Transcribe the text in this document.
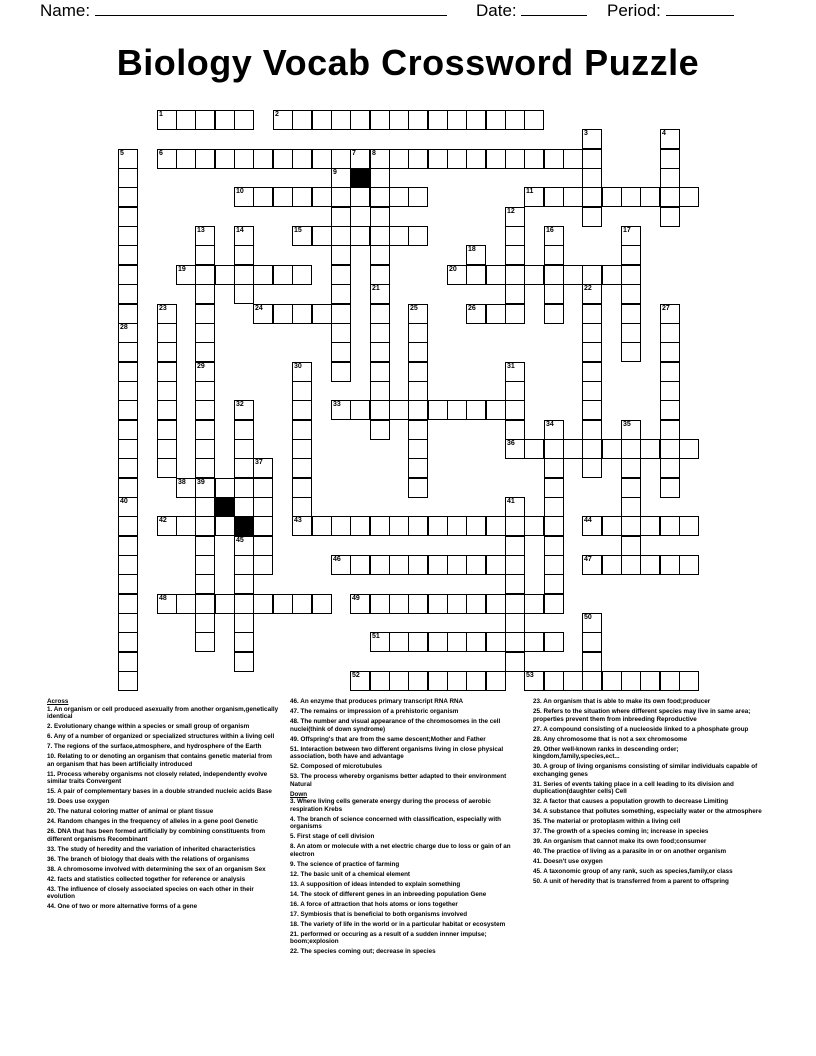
Name:	Date:	Period:
Biology Vocab Crossword Puzzle
1	2
3	4
5	6	7 8
9
10	11
12
13	14	15	16	17
18
19	20
21	22
23	24	25	26	27
28
29	30	31
36
32	33
34	35
37
38 39
40	41
42	43	44
45
46	47
48	49
50
51
52	53
Across
1. An organism or cell produced asexually from another organism,genetically identical
2. Evolutionary change within a species or small group of organism
6. Any of a number of organized or specialized structures within a living cell
7. The regions of the surface,atmosphere, and hydrosphere of the Earth
10. Relating to or denoting an organism that contains genetic material from an organism that has been artificially introduced
11. Process whereby organisms not closely related, independently evolve similar traits Convergent
15. A pair of complementary bases in a double stranded nucleic acids Base
19. Does use oxygen
20. The natural coloring matter of animal or plant tissue
24. Random changes in the frequency of alleles in a gene pool Genetic
26. DNA that has been formed artificially by combining constituents from different organisms Recombinant
33. The study of heredity and the variation of inherited characteristics
36. The branch of biology that deals with the relations of organisms
38. A chromosome involved with determining the sex of an organism Sex
42. facts and statistics collected together for reference or analysis
43. The influence of closely associated species on each other in their evolution
44. One of two or more alternative forms of a gene
46. An enzyme that produces primary transcript RNA RNA
47. The remains or impression of a prehistoric organism
48. The number and visual appearance of the chromosomes in the cell nuclei(think of down syndrome)
49. Offspring's that are from the same descent;Mother and Father
51. Interaction between two different organisms living in close physical association, both have and advantage
52. Composed of microtubules
53. The process whereby organisms better adapted to their environment Natural
Down
3. Where living cells generate energy during the process of aerobic respiration Krebs
4. The branch of science concerned with classification, especially with organisms
5. First stage of cell division
8. An atom or molecule with a net electric charge due to loss or gain of an electron
9. The science of practice of farming
12. The basic unit of a chemical element
13. A supposition of ideas intended to explain something
14. The stock of different genes in an inbreeding population Gene
16. A force of attraction that hols atoms or ions together
17. Symbiosis that is beneficial to both organisms involved
18. The variety of life in the world or in a particular habitat or ecosystem
21. performed or occuring as a result of a sudden innner impulse; boom;explosion
22. The species coming out; decrease in species
23. An organism that is able to make its own food;producer
25. Refers to the situation where different species may live in same area; properties prevent them from inbreeding Reproductive
27. A compound consisting of a nucleoside linked to a phosphate group
28. Any chromosome that is not a sex chromosome
29. Other well-known ranks in descending order; kingdom,family,species,ect...
30. A group of living organisms consisting of similar individuals capable of exchanging genes
31. Series of events taking place in a cell leading to its division and duplication(daughter cells) Cell
32. A factor that causes a population growth to decrease Limiting
34. A substance that pollutes something, especially water or the atmosphere
35. The material or protoplasm within a living cell
37. The growth of a species coming in; increase in species
39. An organism that cannot make its own food;consumer
40. The practice of living as a parasite in or on another organism
41. Doesn't use oxygen
45. A taxonomic group of any rank, such as species,family,or class
50. A unit of heredity that is transferred from a parent to offspring
